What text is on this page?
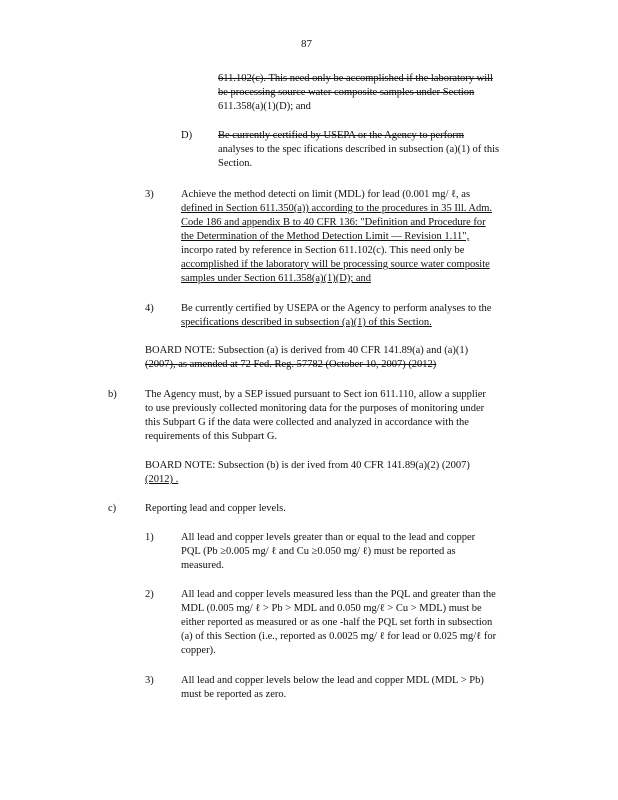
87
611.102(c). This need only be accomplished if the laboratory will
be processing source water composite samples under Section
611.358(a)(1)(D); and
D) Be currently certified by USEPA or the Agency to perform
analyses to the spec ifications described in subsection (a)(1) of this
Section.
3)	Achieve the method detecti on limit (MDL) for lead (0.001 mg/ ℓ, as
defined in Section 611.350(a)) according to the procedures in 35 Ill. Adm.
Code 186 and appendix B to 40 CFR 136: "Definition and Procedure for
the Determination of the Method Detection Limit — Revision 1.11",
incorpo rated by reference in Section 611.102(c). This need only be
accomplished if the laboratory will be processing source water composite
samples under Section 611.358(a)(1)(D); and
4)	Be currently certified by USEPA or the Agency to perform analyses to the
specifications described in subsection (a)(1) of this Section.
BOARD NOTE: Subsection (a) is derived from 40 CFR 141.89(a) and (a)(1)
(2007), as amended at 72 Fed. Reg. 57782 (October 10, 2007) (2012)
b)	The Agency must, by a SEP issued pursuant to Sect ion 611.110, allow a supplier
to use previously collected monitoring data for the purposes of monitoring under
this Subpart G if the data were collected and analyzed in accordance with the
requirements of this Subpart G.
BOARD NOTE: Subsection (b) is der ived from 40 CFR 141.89(a)(2) (2007)
(2012) .
c)	Reporting lead and copper levels.
1)	All lead and copper levels greater than or equal to the lead and copper
PQL (Pb ≥0.005 mg/ ℓ and Cu ≥0.050 mg/ ℓ) must be reported as
measured.
2)	All lead and copper levels measured less than the PQL and greater than the
MDL (0.005 mg/ ℓ > Pb > MDL and 0.050 mg/ℓ > Cu > MDL) must be
either reported as measured or as one -half the PQL set forth in subsection
(a) of this Section (i.e., reported as 0.0025 mg/ ℓ for lead or 0.025 mg/ℓ for
copper).
3)	All lead and copper levels below the lead and copper MDL (MDL > Pb)
must be reported as zero.
